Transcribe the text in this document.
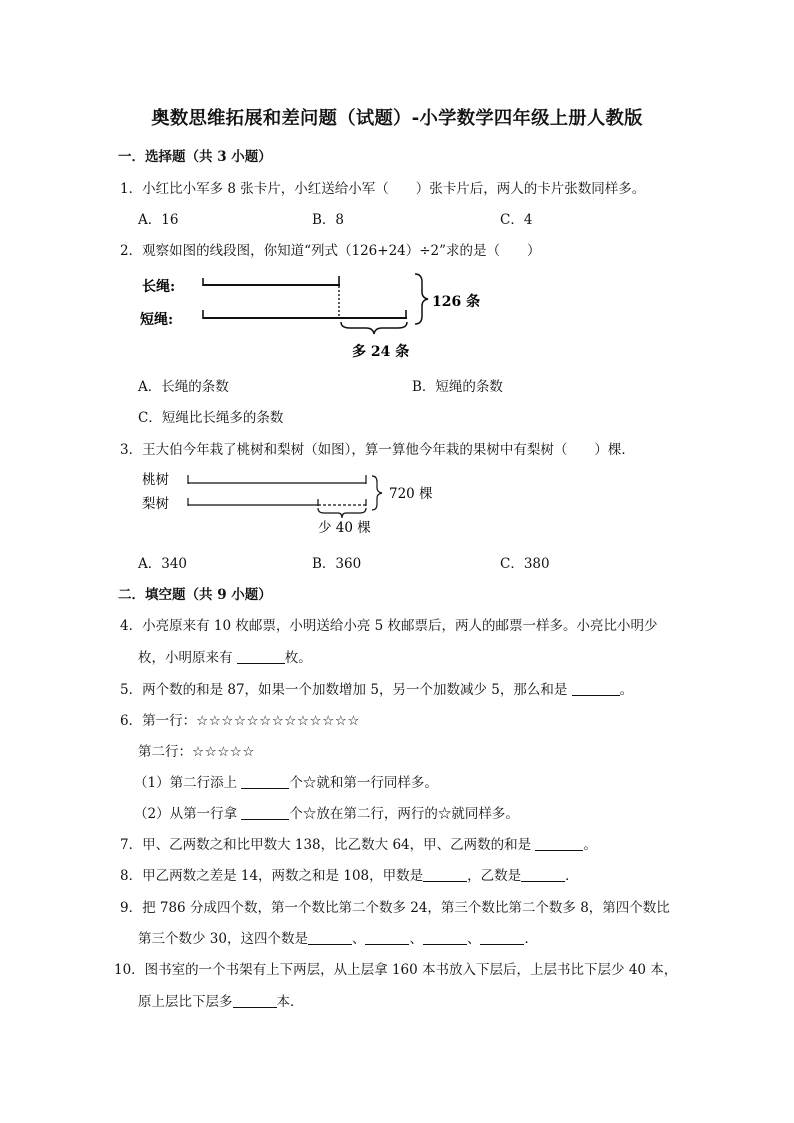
奥数思维拓展和差问题（试题）-小学数学四年级上册人教版
一．选择题（共 3 小题）
1．小红比小军多 8 张卡片，小红送给小军（　　）张卡片后，两人的卡片张数同样多。
A．16	B．8	C．4
2．观察如图的线段图，你知道“列式（126+24）÷2”求的是（　　）
长绳:
短绳:
126 条
多 24 条
A．长绳的条数	B．短绳的条数
C．短绳比长绳多的条数
3．王大伯今年栽了桃树和梨树（如图），算一算他今年栽的果树中有梨树（　　）棵．
桃树
梨树
720 棵
少 40 棵
A．340	B．360	C．380
二．填空题（共 9 小题）
4．小亮原来有 10 枚邮票，小明送给小亮 5 枚邮票后，两人的邮票一样多。小亮比小明少
枚，小明原来有	枚。
5．两个数的和是 87，如果一个加数增加 5，另一个加数减少 5，那么和是	。
6．第一行：☆☆☆☆☆☆☆☆☆☆☆☆☆
第二行：☆☆☆☆☆
（1）第二行添上	个☆就和第一行同样多。
（2）从第一行拿	个☆放在第二行，两行的☆就同样多。
7．甲、乙两数之和比甲数大 138，比乙数大 64，甲、乙两数的和是	。
8．甲乙两数之差是 14，两数之和是 108，甲数是	，乙数是	．
9．把 786 分成四个数，第一个数比第二个数多 24，第三个数比第二个数多 8，第四个数比
第三个数少 30，这四个数是	、	、	、	．
10．图书室的一个书架有上下两层，从上层拿 160 本书放入下层后，上层书比下层少 40 本，
原上层比下层多	本．
